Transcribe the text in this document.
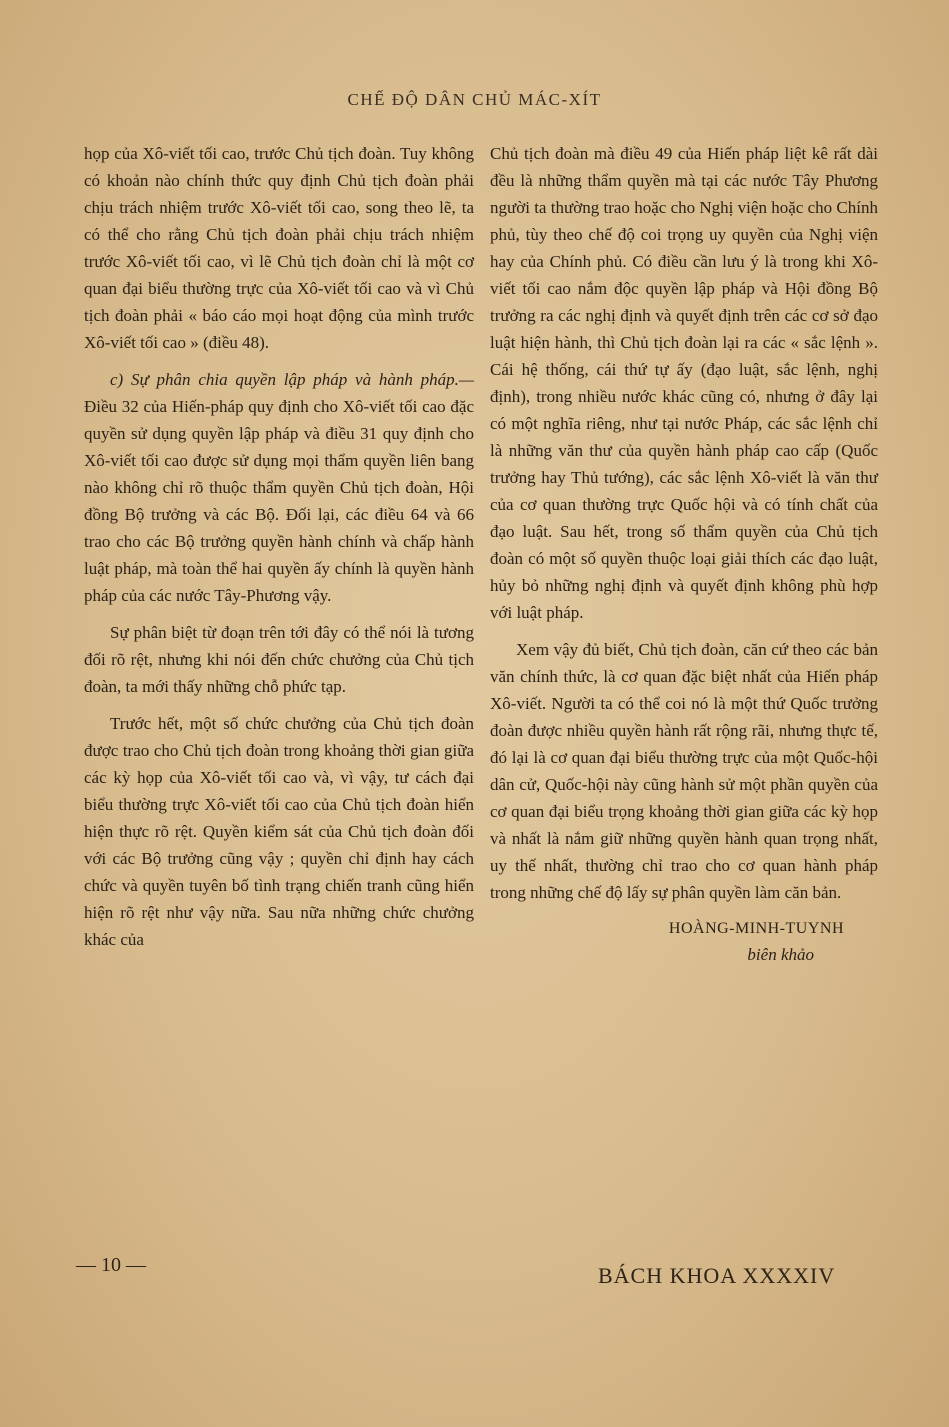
CHẾ ĐỘ DÂN CHỦ MÁC-XÍT

họp của Xô-viết tối cao, trước Chủ tịch đoàn. Tuy không có khoản nào chính thức quy định Chủ tịch đoàn phải chịu trách nhiệm trước Xô-viết tối cao, song theo lẽ, ta có thể cho rằng Chủ tịch đoàn phải chịu trách nhiệm trước Xô-viết tối cao, vì lẽ Chủ tịch đoàn chỉ là một cơ quan đại biểu thường trực của Xô-viết tối cao và vì Chủ tịch đoàn phải « báo cáo mọi hoạt động của mình trước Xô-viết tối cao » (điều 48).

c) Sự phân chia quyền lập pháp và hành pháp.— Điều 32 của Hiến-pháp quy định cho Xô-viết tối cao đặc quyền sử dụng quyền lập pháp và điều 31 quy định cho Xô-viết tối cao được sử dụng mọi thẩm quyền liên bang nào không chỉ rõ thuộc thẩm quyền Chủ tịch đoàn, Hội đồng Bộ trưởng và các Bộ. Đối lại, các điều 64 và 66 trao cho các Bộ trưởng quyền hành chính và chấp hành luật pháp, mà toàn thể hai quyền ấy chính là quyền hành pháp của các nước Tây-Phương vậy.

Sự phân biệt từ đoạn trên tới đây có thể nói là tương đối rõ rệt, nhưng khi nói đến chức chưởng của Chủ tịch đoàn, ta mới thấy những chỗ phức tạp.

Trước hết, một số chức chưởng của Chủ tịch đoàn được trao cho Chủ tịch đoàn trong khoảng thời gian giữa các kỳ họp của Xô-viết tối cao và, vì vậy, tư cách đại biểu thường trực Xô-viết tối cao của Chủ tịch đoàn hiển hiện thực rõ rệt. Quyền kiểm sát của Chủ tịch đoàn đối với các Bộ trưởng cũng vậy ; quyền chỉ định hay cách chức và quyền tuyên bố tình trạng chiến tranh cũng hiển hiện rõ rệt như vậy nữa. Sau nữa những chức chưởng khác của

Chủ tịch đoàn mà điều 49 của Hiến pháp liệt kê rất dài đều là những thẩm quyền mà tại các nước Tây Phương người ta thường trao hoặc cho Nghị viện hoặc cho Chính phủ, tùy theo chế độ coi trọng uy quyền của Nghị viện hay của Chính phủ. Có điều cần lưu ý là trong khi Xô-viết tối cao nắm độc quyền lập pháp và Hội đồng Bộ trưởng ra các nghị định và quyết định trên các cơ sở đạo luật hiện hành, thì Chủ tịch đoàn lại ra các « sắc lệnh ». Cái hệ thống, cái thứ tự ấy (đạo luật, sắc lệnh, nghị định), trong nhiều nước khác cũng có, nhưng ở đây lại có một nghĩa riêng, như tại nước Pháp, các sắc lệnh chỉ là những văn thư của quyền hành pháp cao cấp (Quốc trưởng hay Thủ tướng), các sắc lệnh Xô-viết là văn thư của cơ quan thường trực Quốc hội và có tính chất của đạo luật. Sau hết, trong số thẩm quyền của Chủ tịch đoàn có một số quyền thuộc loại giải thích các đạo luật, hủy bỏ những nghị định và quyết định không phù hợp với luật pháp.

Xem vậy đủ biết, Chủ tịch đoàn, căn cứ theo các bản văn chính thức, là cơ quan đặc biệt nhất của Hiến pháp Xô-viết. Người ta có thể coi nó là một thứ Quốc trưởng đoàn được nhiều quyền hành rất rộng rãi, nhưng thực tế, đó lại là cơ quan đại biểu thường trực của một Quốc-hội dân cử, Quốc-hội này cũng hành sử một phần quyền của cơ quan đại biểu trọng khoảng thời gian giữa các kỳ họp và nhất là nắm giữ những quyền hành quan trọng nhất, uy thế nhất, thường chỉ trao cho cơ quan hành pháp trong những chế độ lấy sự phân quyền làm căn bản.

HOÀNG-MINH-TUYNH
biên khảo
— 10 —	BÁCH KHOA XXXXIV
